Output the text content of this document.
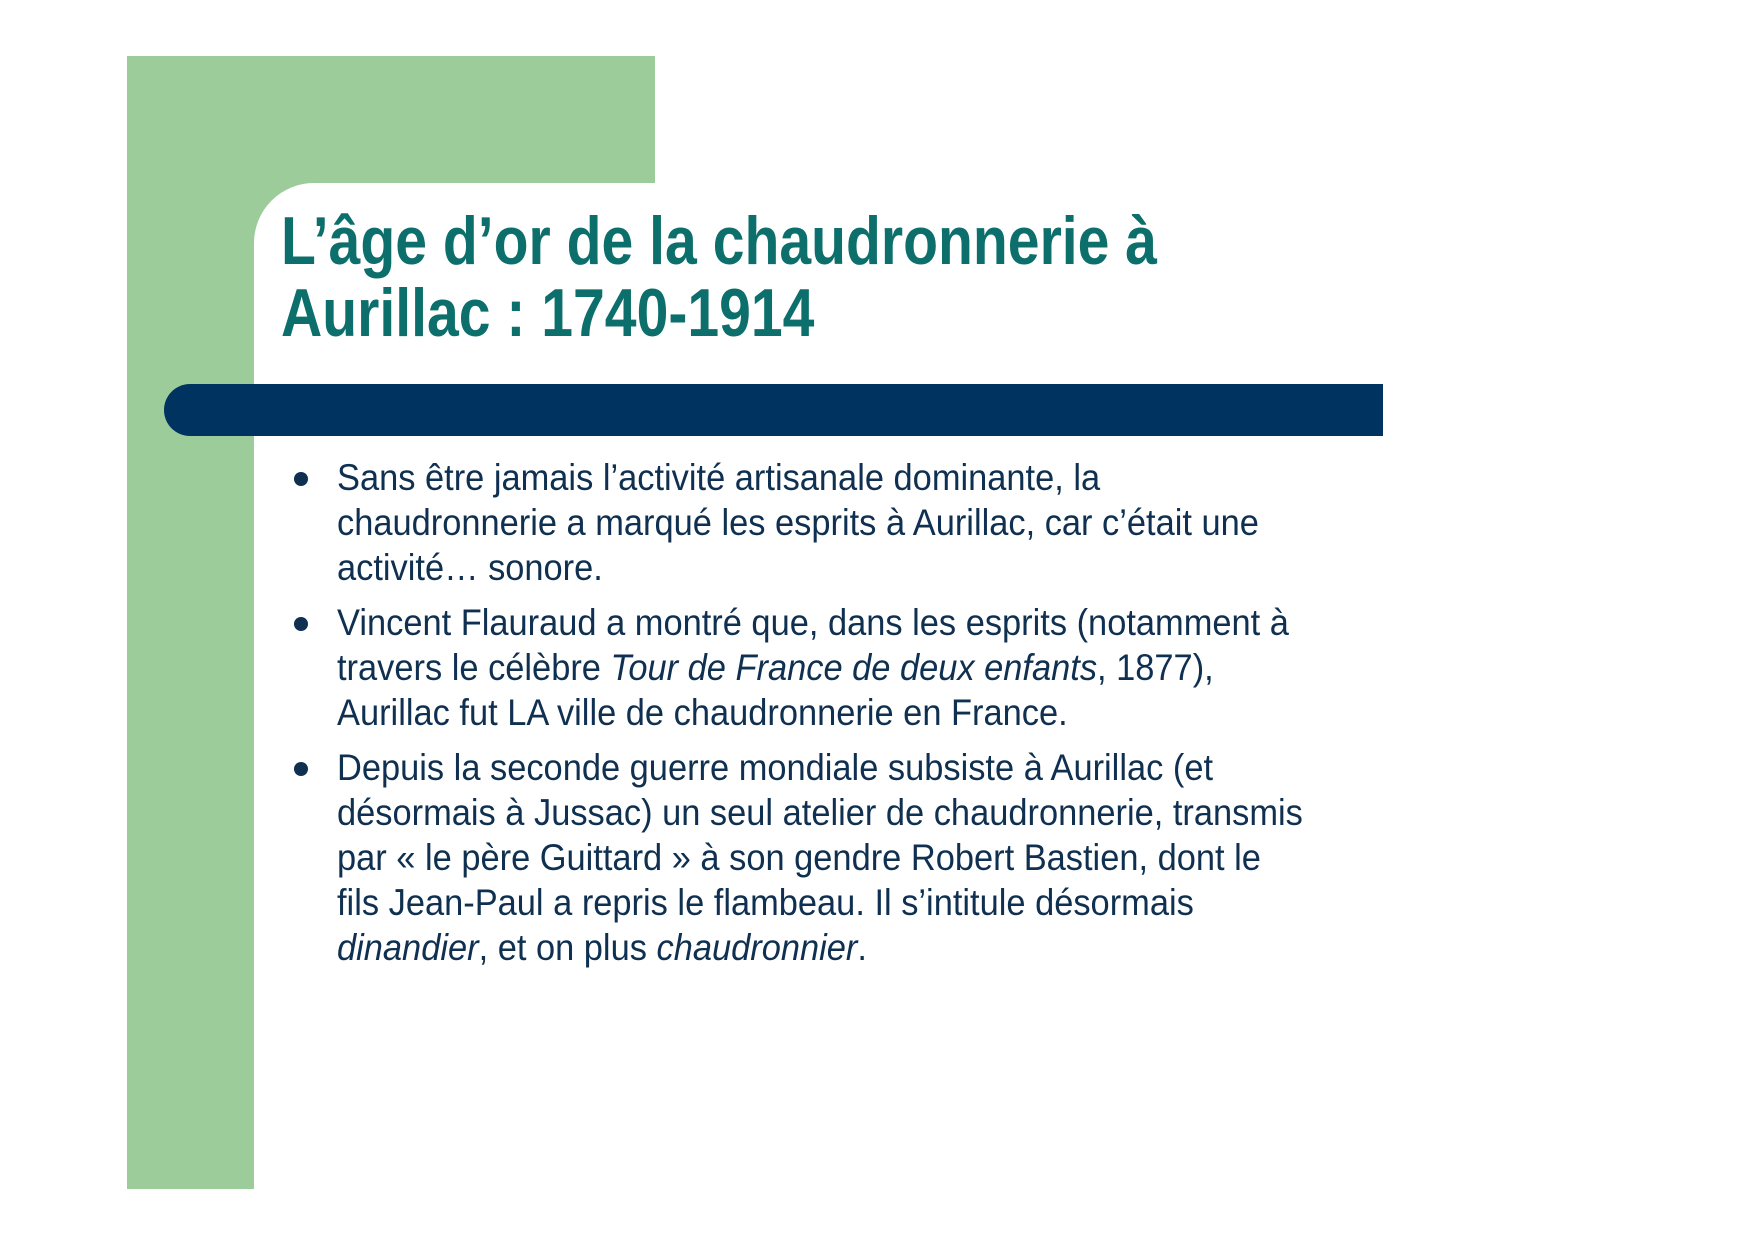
L’âge d’or de la chaudronnerie à
Aurillac : 1740-1914
Sans être jamais l’activité artisanale dominante, la
chaudronnerie a marqué les esprits à Aurillac, car c’était une
activité… sonore.
Vincent Flauraud a montré que, dans les esprits (notamment à
travers le célèbre Tour de France de deux enfants, 1877),
Aurillac fut LA ville de chaudronnerie en France.
Depuis la seconde guerre mondiale subsiste à Aurillac (et
désormais à Jussac) un seul atelier de chaudronnerie, transmis
par « le père Guittard » à son gendre Robert Bastien, dont le
fils Jean-Paul a repris le flambeau. Il s’intitule désormais
dinandier, et on plus chaudronnier.
